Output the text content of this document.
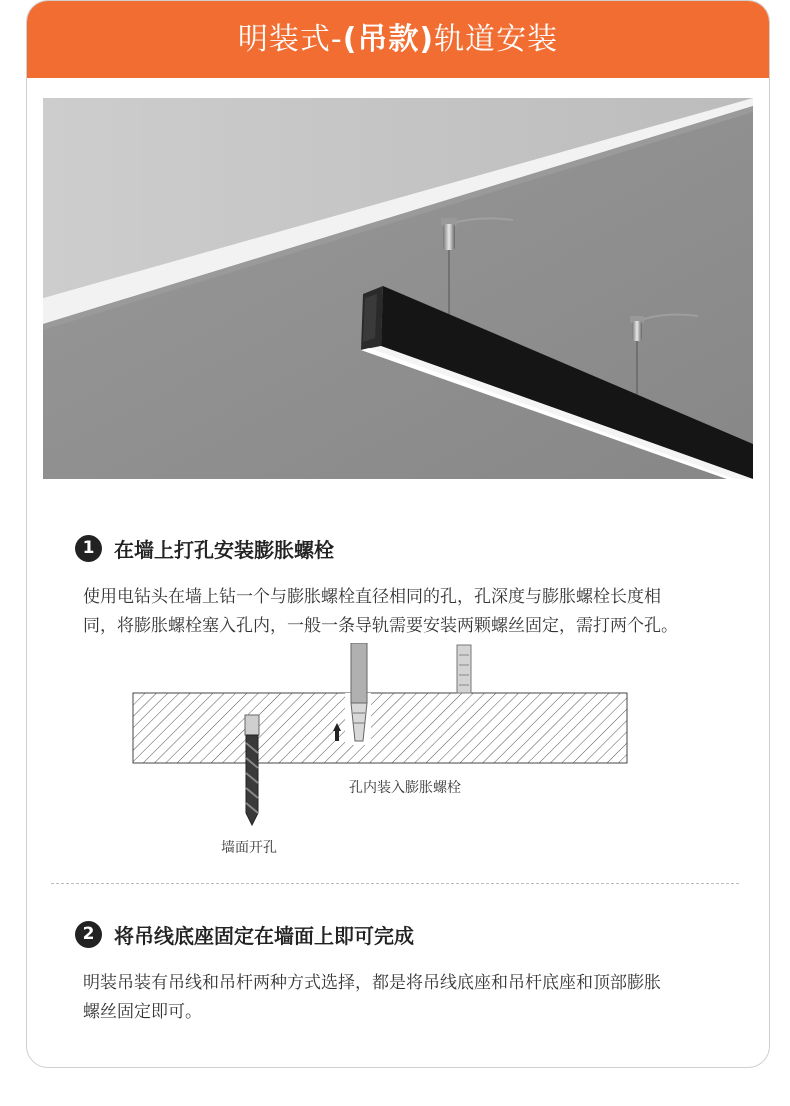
明装式-(吊款)轨道安装
1 在墙上打孔安装膨胀螺栓
使用电钻头在墙上钻一个与膨胀螺栓直径相同的孔，孔深度与膨胀螺栓长度相
同，将膨胀螺栓塞入孔内，一般一条导轨需要安装两颗螺丝固定，需打两个孔。
孔内装入膨胀螺栓
墙面开孔
2 将吊线底座固定在墙面上即可完成
明装吊装有吊线和吊杆两种方式选择，都是将吊线底座和吊杆底座和顶部膨胀
螺丝固定即可。
